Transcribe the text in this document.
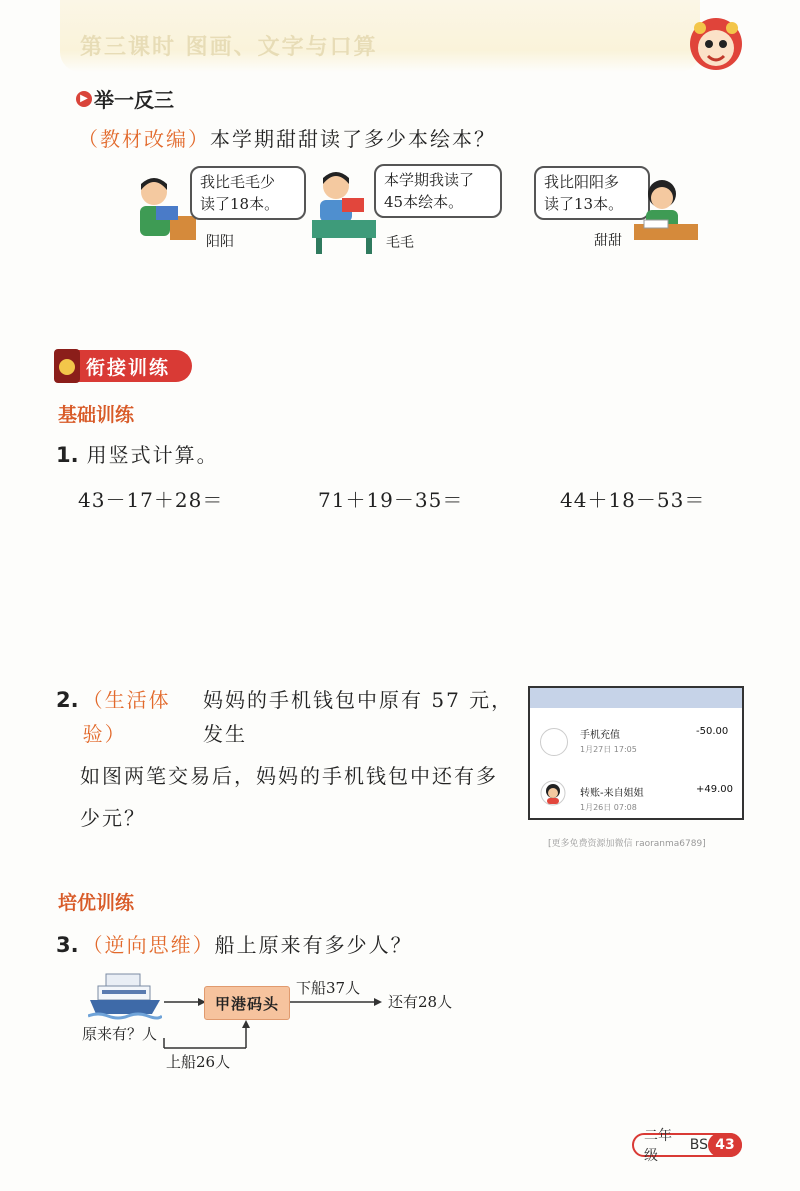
第三课时 图画、文字与口算
▶ 举一反三
（教材改编）本学期甜甜读了多少本绘本？
我比毛毛少
读了18本。
阳阳
本学期我读了
45本绘本。
毛毛
我比阳阳多
读了13本。
甜甜
衔接训练
基础训练
1. 用竖式计算。
43－17＋28＝	71＋19－35＝	44＋18－53＝
2. （生活体验）
妈妈的手机钱包中原有 57 元，发生
如图两笔交易后，妈妈的手机钱包中还有多
少元？
手机充值
1月27日 17:05
-50.00
转账-来自姐姐
1月26日 07:08
+49.00
[更多免费资源加微信 raoranma6789]
培优训练
3. （逆向思维） 船上原来有多少人？
甲港码头
下船37人
还有28人
原来有？人
上船26人
二年级
BS 43
